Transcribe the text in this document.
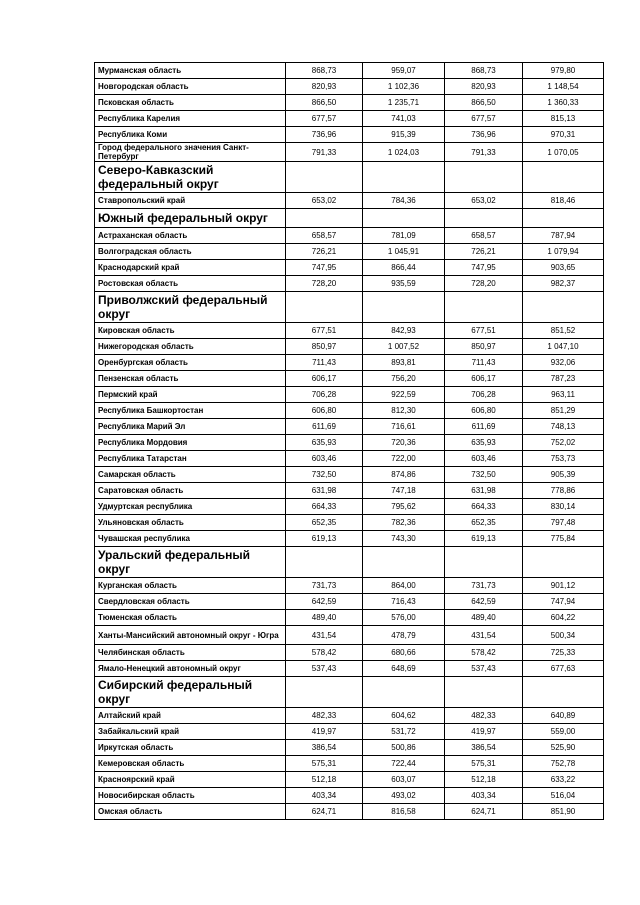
Мурманская область	868,73	959,07	868,73	979,80
Новгородская область	820,93	1 102,36	820,93	1 148,54
Псковская область	866,50	1 235,71	866,50	1 360,33
Республика Карелия	677,57	741,03	677,57	815,13
Республика Коми	736,96	915,39	736,96	970,31
Город федерального значения Санкт-Петербург	791,33	1 024,03	791,33	1 070,05
Северо-Кавказский федеральный округ				
Ставропольский край	653,02	784,36	653,02	818,46
Южный федеральный округ				
Астраханская область	658,57	781,09	658,57	787,94
Волгоградская область	726,21	1 045,91	726,21	1 079,94
Краснодарский край	747,95	866,44	747,95	903,65
Ростовская область	728,20	935,59	728,20	982,37
Приволжский федеральный округ				
Кировская область	677,51	842,93	677,51	851,52
Нижегородская область	850,97	1 007,52	850,97	1 047,10
Оренбургская область	711,43	893,81	711,43	932,06
Пензенская область	606,17	756,20	606,17	787,23
Пермский край	706,28	922,59	706,28	963,11
Республика Башкортостан	606,80	812,30	606,80	851,29
Республика Марий Эл	611,69	716,61	611,69	748,13
Республика Мордовия	635,93	720,36	635,93	752,02
Республика Татарстан	603,46	722,00	603,46	753,73
Самарская область	732,50	874,86	732,50	905,39
Саратовская область	631,98	747,18	631,98	778,86
Удмуртская республика	664,33	795,62	664,33	830,14
Ульяновская область	652,35	782,36	652,35	797,48
Чувашская республика	619,13	743,30	619,13	775,84
Уральский федеральный округ				
Курганская область	731,73	864,00	731,73	901,12
Свердловская область	642,59	716,43	642,59	747,94
Тюменская область	489,40	576,00	489,40	604,22
Ханты-Мансийский автономный округ - Югра	431,54	478,79	431,54	500,34
Челябинская область	578,42	680,66	578,42	725,33
Ямало-Ненецкий автономный округ	537,43	648,69	537,43	677,63
Сибирский федеральный округ				
Алтайский край	482,33	604,62	482,33	640,89
Забайкальский край	419,97	531,72	419,97	559,00
Иркутская область	386,54	500,86	386,54	525,90
Кемеровская область	575,31	722,44	575,31	752,78
Красноярский край	512,18	603,07	512,18	633,22
Новосибирская область	403,34	493,02	403,34	516,04
Омская область	624,71	816,58	624,71	851,90
